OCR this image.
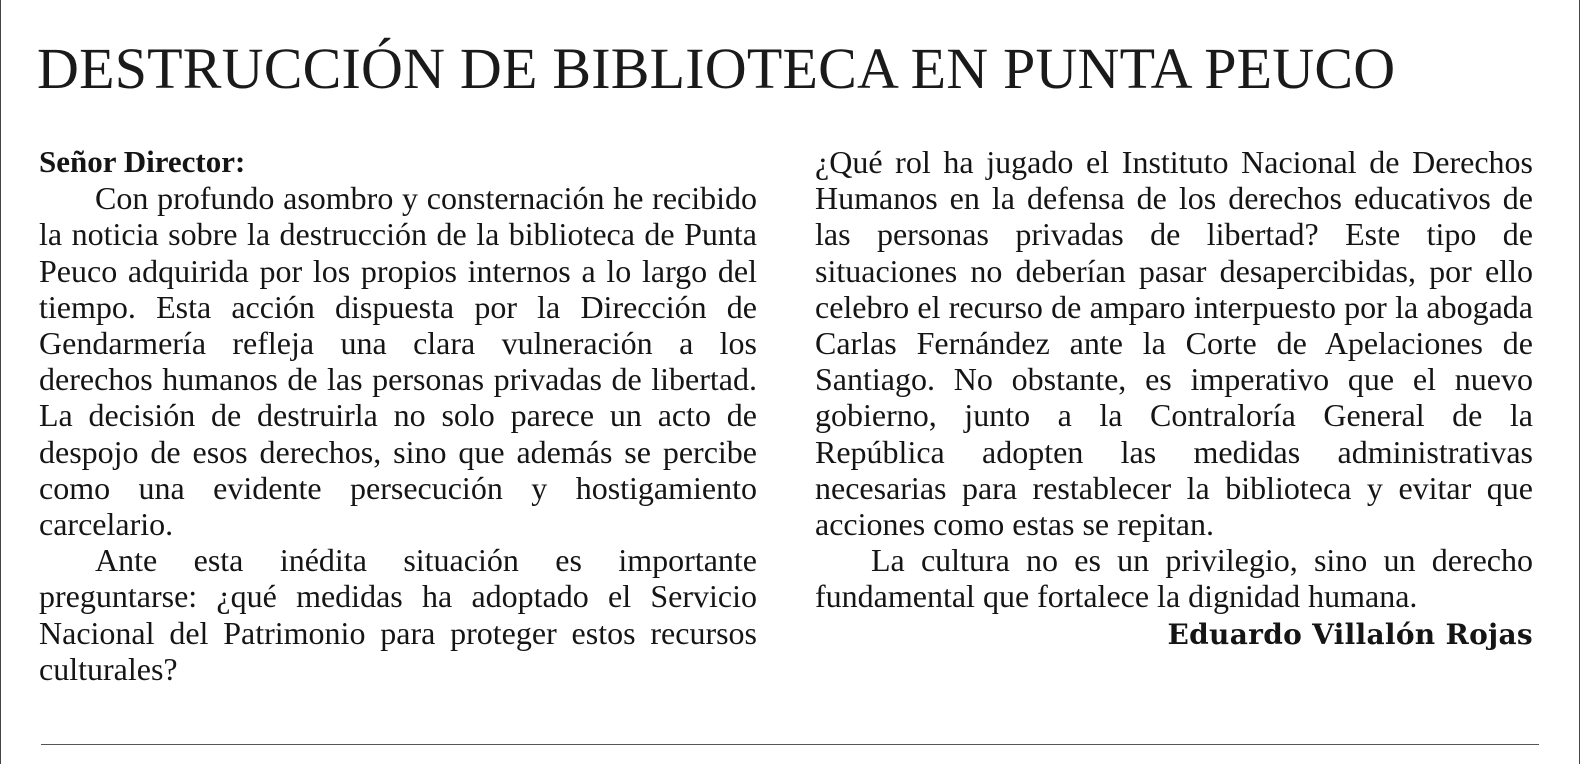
DESTRUCCIÓN DE BIBLIOTECA EN PUNTA PEUCO

Señor Director:

Con profundo asombro y consternación he recibido la noticia sobre la destrucción de la biblioteca de Punta Peuco adquirida por los propios internos a lo largo del tiempo. Esta acción dispuesta por la Dirección de Gendarmería refleja una clara vulneración a los derechos humanos de las personas privadas de libertad. La decisión de destruirla no solo parece un acto de despojo de esos derechos, sino que además se percibe como una evidente persecución y hostigamiento carcelario.

Ante esta inédita situación es importante preguntarse: ¿qué medidas ha adoptado el Servicio Nacional del Patrimonio para proteger estos recursos culturales?

¿Qué rol ha jugado el Instituto Nacional de Derechos Humanos en la defensa de los derechos educativos de las personas privadas de libertad? Este tipo de situaciones no deberían pasar desapercibidas, por ello celebro el recurso de amparo interpuesto por la abogada Carlas Fernández ante la Corte de Apelaciones de Santiago. No obstante, es imperativo que el nuevo gobierno, junto a la Contraloría General de la República adopten las medidas administrativas necesarias para restablecer la biblioteca y evitar que acciones como estas se repitan.

La cultura no es un privilegio, sino un derecho fundamental que fortalece la dignidad humana.

Eduardo Villalón Rojas
